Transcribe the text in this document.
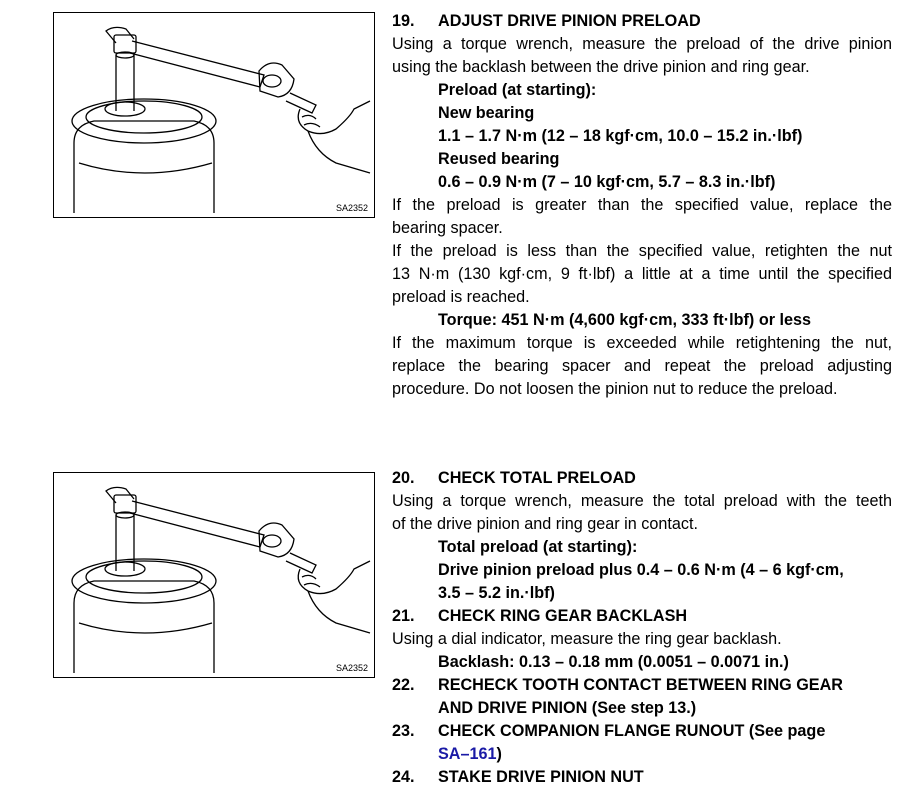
SA2352
SA2352
19. ADJUST DRIVE PINION PRELOAD
Using a torque wrench, measure the preload of the drive pinion
using the backlash between the drive pinion and ring gear.
Preload (at starting):
New bearing
1.1 – 1.7 N·m (12 – 18 kgf·cm, 10.0 – 15.2 in.·lbf)
Reused bearing
0.6 – 0.9 N·m (7 – 10 kgf·cm, 5.7 – 8.3 in.·lbf)
If the preload is greater than the specified value, replace the
bearing spacer.
If the preload is less than the specified value, retighten the nut
13 N·m (130 kgf·cm, 9 ft·lbf) a little at a time until the specified
preload is reached.
Torque: 451 N·m (4,600 kgf·cm, 333 ft·lbf) or less
If the maximum torque is exceeded while retightening the nut,
replace the bearing spacer and repeat the preload adjusting
procedure. Do not loosen the pinion nut to reduce the preload.
20. CHECK TOTAL PRELOAD
Using a torque wrench, measure the total preload with the teeth
of the drive pinion and ring gear in contact.
Total preload (at starting):
Drive pinion preload plus 0.4 – 0.6 N·m (4 – 6 kgf·cm,
3.5 – 5.2 in.·lbf)
21. CHECK RING GEAR BACKLASH
Using a dial indicator, measure the ring gear backlash.
Backlash: 0.13 – 0.18 mm (0.0051 – 0.0071 in.)
22. RECHECK TOOTH CONTACT BETWEEN RING GEAR
AND DRIVE PINION (See step 13.)
23. CHECK COMPANION FLANGE RUNOUT (See page
SA–161)
24. STAKE DRIVE PINION NUT
